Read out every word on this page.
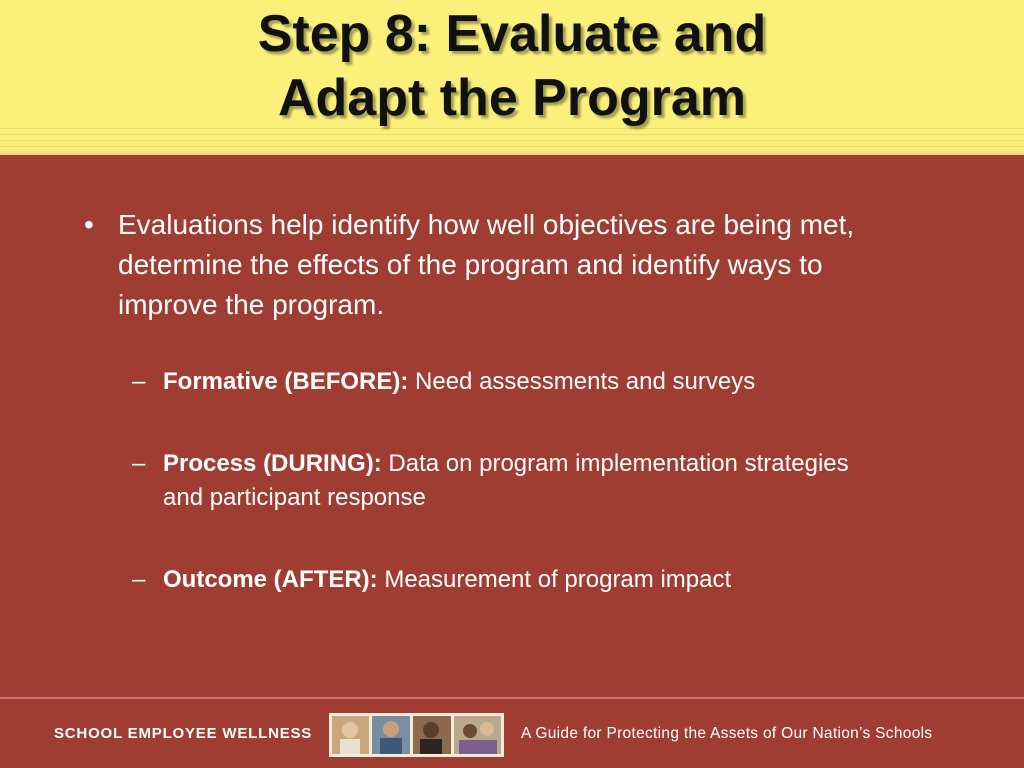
Step 8: Evaluate and
Adapt the Program
• Evaluations help identify how well objectives are being met, determine the effects of the program and identify ways to improve the program.
– Formative (BEFORE): Need assessments and surveys
– Process (DURING): Data on program implementation strategies and participant response
– Outcome (AFTER): Measurement of program impact
SCHOOL EMPLOYEE WELLNESS	A Guide for Protecting the Assets of Our Nation’s Schools
